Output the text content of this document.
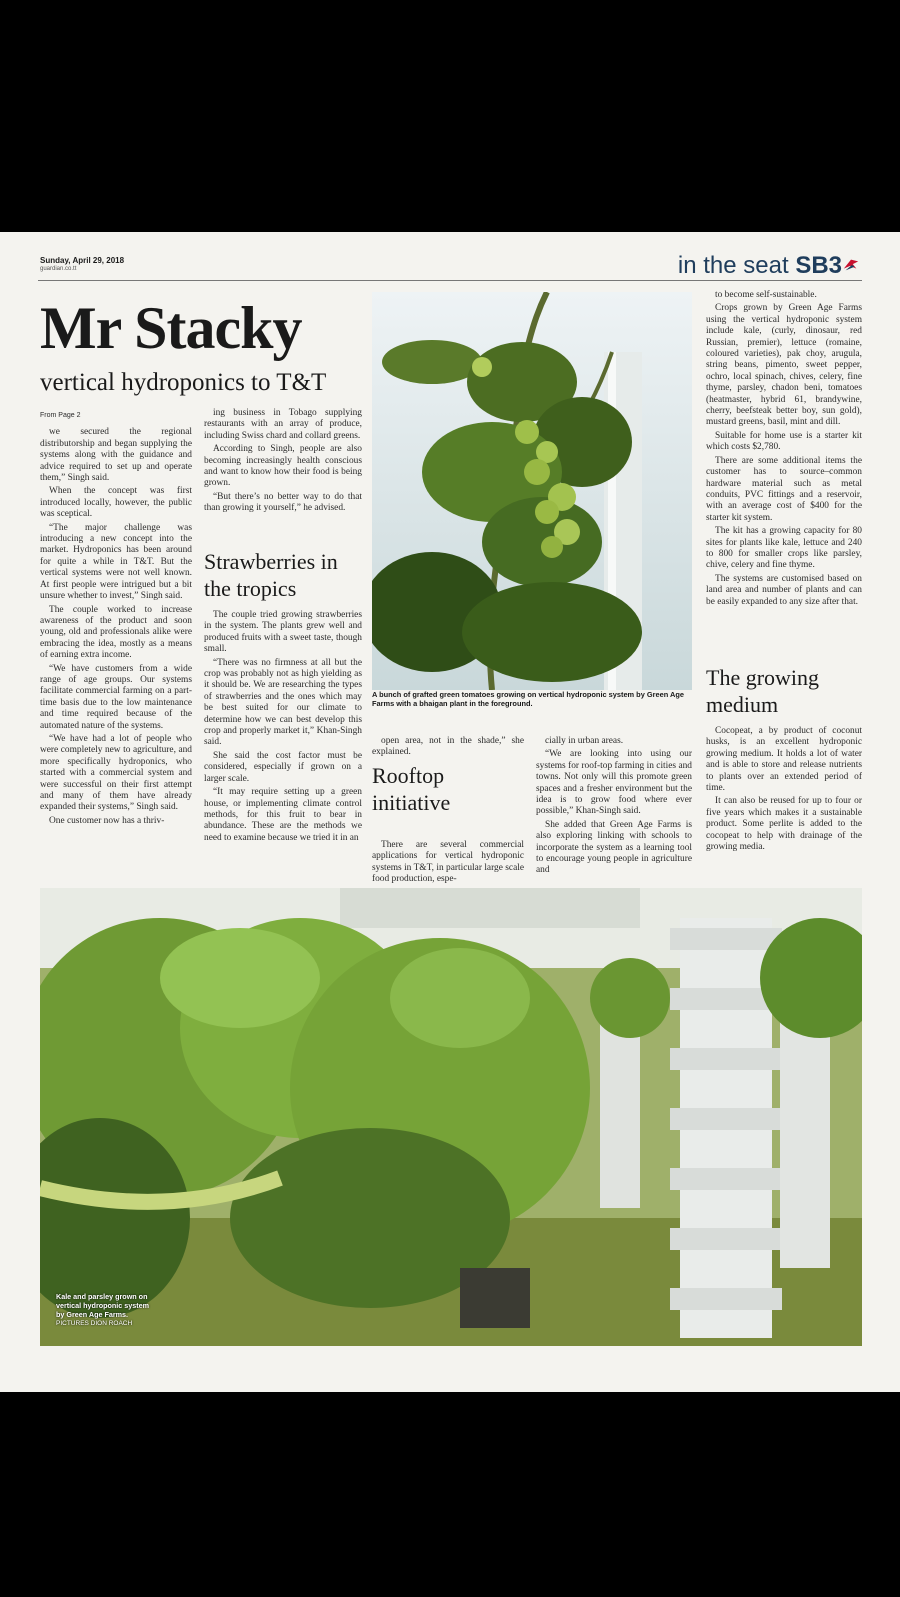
Sunday, April 29, 2018
guardian.co.tt	in the seat SB3
Mr Stacky
vertical hydroponics to T&T

From Page 2

we secured the regional distributorship and began supplying the systems along with the guidance and advice required to set up and operate them,” Singh said.

When the concept was first introduced locally, however, the public was sceptical.

“The major challenge was introducing a new concept into the market. Hydroponics has been around for quite a while in T&T. But the vertical systems were not well known. At first people were intrigued but a bit unsure whether to invest,” Singh said.

The couple worked to increase awareness of the product and soon young, old and professionals alike were embracing the idea, mostly as a means of earning extra income.

“We have customers from a wide range of age groups. Our systems facilitate commercial farming on a part-time basis due to the low maintenance and time required because of the automated nature of the systems.

“We have had a lot of people who were completely new to agriculture, and more specifically hydroponics, who started with a commercial system and were successful on their first attempt and many of them have already expanded their systems,” Singh said.

One customer now has a thriv-

ing business in Tobago supplying restaurants with an array of produce, including Swiss chard and collard greens.

According to Singh, people are also becoming increasingly health conscious and want to know how their food is being grown.

“But there’s no better way to do that than growing it yourself,” he advised.

Strawberries in the tropics

The couple tried growing strawberries in the system. The plants grew well and produced fruits with a sweet taste, though small.

“There was no firmness at all but the crop was probably not as high yielding as it should be. We are researching the types of strawberries and the ones which may be best suited for our climate to determine how we can best develop this crop and properly market it,” Khan-Singh said.

She said the cost factor must be considered, especially if grown on a larger scale.

“It may require setting up a green house, or implementing climate control methods, for this fruit to bear in abundance. These are the methods we need to examine because we tried it in an

A bunch of grafted green tomatoes growing on vertical hydroponic system by Green Age Farms with a bhaigan plant in the foreground.

open area, not in the shade,” she explained.

Rooftop initiative

There are several commercial applications for vertical hydroponic systems in T&T, in particular large scale food production, espe-

cially in urban areas.

“We are looking into using our systems for roof-top farming in cities and towns. Not only will this promote green spaces and a fresher environment but the idea is to grow food where ever possible,” Khan-Singh said.

She added that Green Age Farms is also exploring linking with schools to incorporate the system as a learning tool to encourage young people in agriculture and

to become self-sustainable.

Crops grown by Green Age Farms using the vertical hydroponic system include kale, (curly, dinosaur, red Russian, premier), lettuce (romaine, coloured varieties), pak choy, arugula, string beans, pimento, sweet pepper, ochro, local spinach, chives, celery, fine thyme, parsley, chadon beni, tomatoes (heatmaster, hybrid 61, brandywine, cherry, beefsteak better boy, sun gold), mustard greens, basil, mint and dill.

Suitable for home use is a starter kit which costs $2,780.

There are some additional items the customer has to source–common hardware material such as metal conduits, PVC fittings and a reservoir, with an average cost of $400 for the starter kit system.

The kit has a growing capacity for 80 sites for plants like kale, lettuce and 240 to 800 for smaller crops like parsley, chive, celery and fine thyme.

The systems are customised based on land area and number of plants and can be easily expanded to any size after that.

The growing medium

Cocopeat, a by product of coconut husks, is an excellent hydroponic growing medium. It holds a lot of water and is able to store and release nutrients to plants over an extended period of time.

It can also be reused for up to four or five years which makes it a sustainable product. Some perlite is added to the cocopeat to help with drainage of the growing media.

Kale and parsley grown on vertical hydroponic system by Green Age Farms.
PICTURES DION ROACH
